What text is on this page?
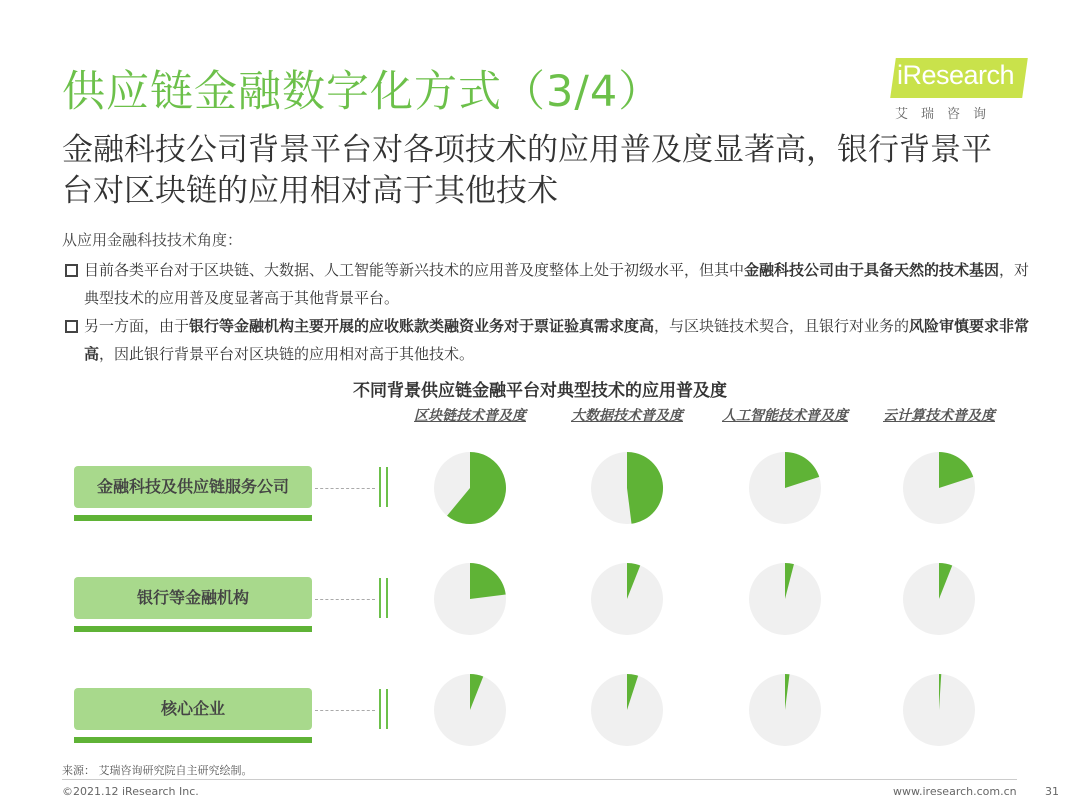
供应链金融数字化方式（3/4）	iResearch
艾瑞咨询
金融科技公司背景平台对各项技术的应用普及度显著高，银行背景平台对区块链的应用相对高于其他技术
从应用金融科技技术角度：
目前各类平台对于区块链、大数据、人工智能等新兴技术的应用普及度整体上处于初级水平，但其中金融科技公司由于具备天然的技术基因，对典型技术的应用普及度显著高于其他背景平台。
另一方面，由于银行等金融机构主要开展的应收账款类融资业务对于票证验真需求度高，与区块链技术契合，且银行对业务的风险审慎要求非常高，因此银行背景平台对区块链的应用相对高于其他技术。
不同背景供应链金融平台对典型技术的应用普及度
区块链技术普及度	大数据技术普及度	人工智能技术普及度	云计算技术普及度
金融科技及供应链服务公司
银行等金融机构
核心企业
来源： 艾瑞咨询研究院自主研究绘制。
©2021.12 iResearch Inc.	www.iresearch.com.cn	31
